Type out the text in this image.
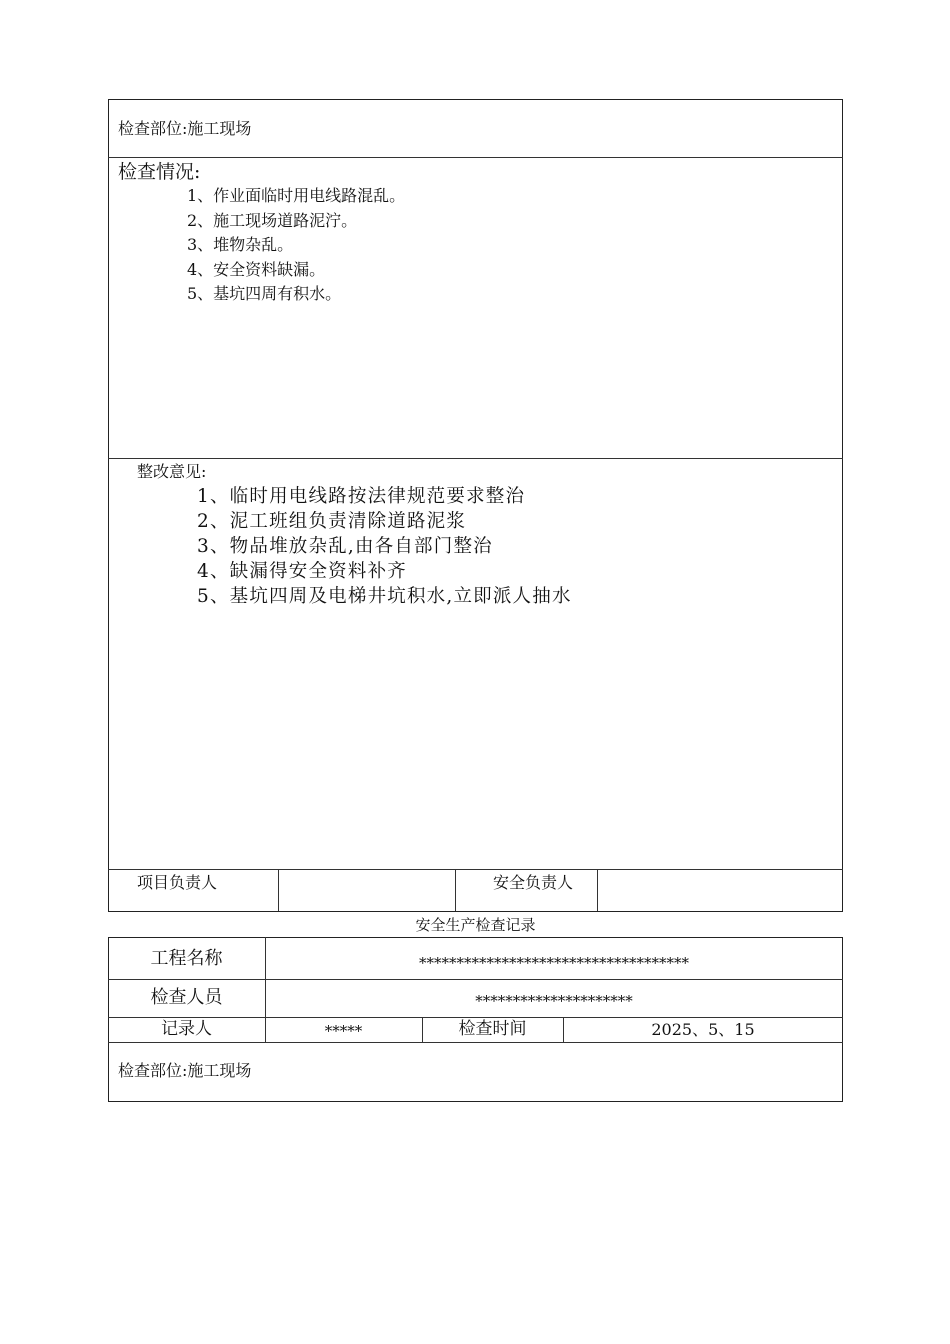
检查部位:施工现场
检查情况:
1、作业面临时用电线路混乱。
2、施工现场道路泥泞。
3、堆物杂乱。
4、安全资料缺漏。
5、基坑四周有积水。
整改意见:
1、临时用电线路按法律规范要求整治
2、泥工班组负责清除道路泥浆
3、物品堆放杂乱,由各自部门整治
4、缺漏得安全资料补齐
5、基坑四周及电梯井坑积水,立即派人抽水
项目负责人	安全负责人
安全生产检查记录
工程名称	************************************
检查人员	*********************
记录人	*****	检查时间	2025、5、15
检查部位:施工现场
